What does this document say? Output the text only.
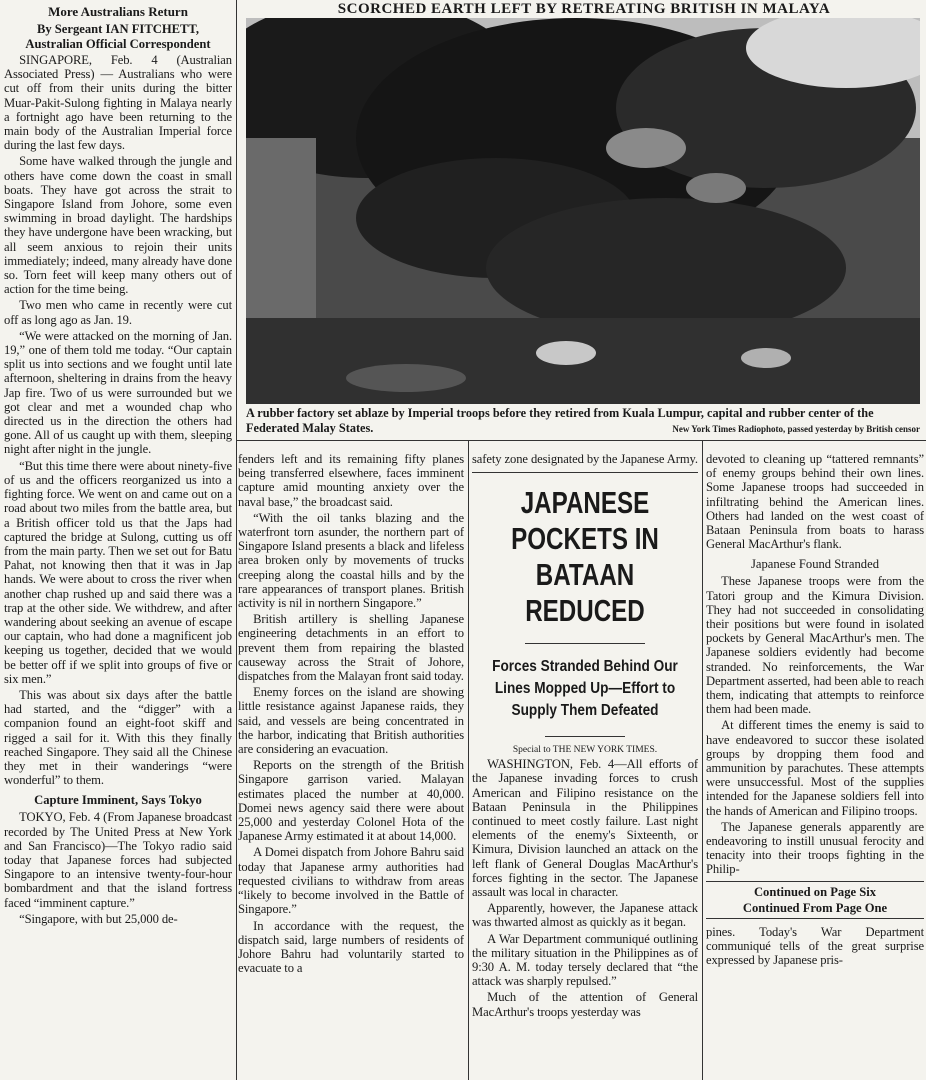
More Australians Return
By Sergeant IAN FITCHETT,
Australian Official Correspondent

SINGAPORE, Feb. 4 (Australian Associated Press) — Australians who were cut off from their units during the bitter Muar-Pakit-Sulong fighting in Malaya nearly a fortnight ago have been returning to the main body of the Australian Imperial force during the last few days.

Some have walked through the jungle and others have come down the coast in small boats. They have got across the strait to Singapore Island from Johore, some even swimming in broad daylight. The hardships they have undergone have been wracking, but all seem anxious to rejoin their units immediately; indeed, many already have done so. Torn feet will keep many others out of action for the time being.

Two men who came in recently were cut off as long ago as Jan. 19.

“We were attacked on the morning of Jan. 19,” one of them told me today. “Our captain split us into sections and we fought until late afternoon, sheltering in drains from the heavy Jap fire. Two of us were surrounded but we got clear and met a wounded chap who directed us in the direction the others had gone. All of us caught up with them, sleeping night after night in the jungle.

“But this time there were about ninety-five of us and the officers reorganized us into a fighting force. We went on and came out on a road about two miles from the battle area, but a British officer told us that the Japs had captured the bridge at Sulong, cutting us off from the main party. Then we set out for Batu Pahat, not knowing then that it was in Jap hands. We were about to cross the river when another chap rushed up and said there was a trap at the other side. We withdrew, and after wandering about seeking an avenue of escape our captain, who had done a magnificent job keeping us together, decided that we would be better off if we split into groups of five or six men.”

This was about six days after the battle had started, and the “digger” with a companion found an eight-foot skiff and rigged a sail for it. With this they finally reached Singapore. They said all the Chinese they met in their wanderings “were wonderful” to them.

Capture Imminent, Says Tokyo

TOKYO, Feb. 4 (From Japanese broadcast recorded by The United Press at New York and San Francisco)—The Tokyo radio said today that Japanese forces had subjected Singapore to an intensive twenty-four-hour bombardment and that the island fortress faced “imminent capture.”

“Singapore, with but 25,000 de-

SCORCHED EARTH LEFT BY RETREATING BRITISH IN MALAYA
A rubber factory set ablaze by Imperial troops before they retired from Kuala Lumpur, capital and rubber center of the Federated Malay States.	New York Times Radiophoto, passed yesterday by British censor

fenders left and its remaining fifty planes being transferred elsewhere, faces imminent capture amid mounting anxiety over the naval base,” the broadcast said.

“With the oil tanks blazing and the waterfront torn asunder, the northern part of Singapore Island presents a black and lifeless area broken only by movements of trucks creeping along the coastal hills and by the rare appearances of transport planes. British activity is nil in northern Singapore.”

British artillery is shelling Japanese engineering detachments in an effort to prevent them from repairing the blasted causeway across the Strait of Johore, dispatches from the Malayan front said today.

Enemy forces on the island are showing little resistance against Japanese raids, they said, and vessels are being concentrated in the harbor, indicating that British authorities are considering an evacuation.

Reports on the strength of the British Singapore garrison varied. Malayan estimates placed the number at 40,000. Domei news agency said there were about 25,000 and yesterday Colonel Hota of the Japanese Army estimated it at about 14,000.

A Domei dispatch from Johore Bahru said today that Japanese army authorities had requested civilians to withdraw from areas “likely to become involved in the Battle of Singapore.”

In accordance with the request, the dispatch said, large numbers of residents of Johore Bahru had voluntarily started to evacuate to a

safety zone designated by the Japanese Army.

JAPANESE POCKETS IN BATAAN REDUCED
Forces Stranded Behind Our Lines Mopped Up—Effort to Supply Them Defeated
Special to THE NEW YORK TIMES.

WASHINGTON, Feb. 4—All efforts of the Japanese invading forces to crush American and Filipino resistance on the Bataan Peninsula in the Philippines continued to meet costly failure. Last night elements of the enemy's Sixteenth, or Kimura, Division launched an attack on the left flank of General Douglas MacArthur's forces fighting in the sector. The Japanese assault was local in character.

Apparently, however, the Japanese attack was thwarted almost as quickly as it began.

A War Department communiqué outlining the military situation in the Philippines as of 9:30 A. M. today tersely declared that “the attack was sharply repulsed.”

Much of the attention of General MacArthur's troops yesterday was

devoted to cleaning up “tattered remnants” of enemy groups behind their own lines. Some Japanese troops had succeeded in infiltrating behind the American lines. Others had landed on the west coast of Bataan Peninsula from boats to harass General MacArthur's flank.

Japanese Found Stranded

These Japanese troops were from the Tatori group and the Kimura Division. They had not succeeded in consolidating their positions but were found in isolated pockets by General MacArthur's men. The Japanese soldiers evidently had become stranded. No reinforcements, the War Department asserted, had been able to reach them, indicating that attempts to reinforce them had been made.

At different times the enemy is said to have endeavored to succor these isolated groups by dropping them food and ammunition by parachutes. These attempts were unsuccessful. Most of the supplies intended for the Japanese soldiers fell into the hands of American and Filipino troops.

The Japanese generals apparently are endeavoring to instill unusual ferocity and tenacity into their troops fighting in the Philip-

Continued on Page Six
Continued From Page One

pines. Today's War Department communiqué tells of the great surprise expressed by Japanese pris-
